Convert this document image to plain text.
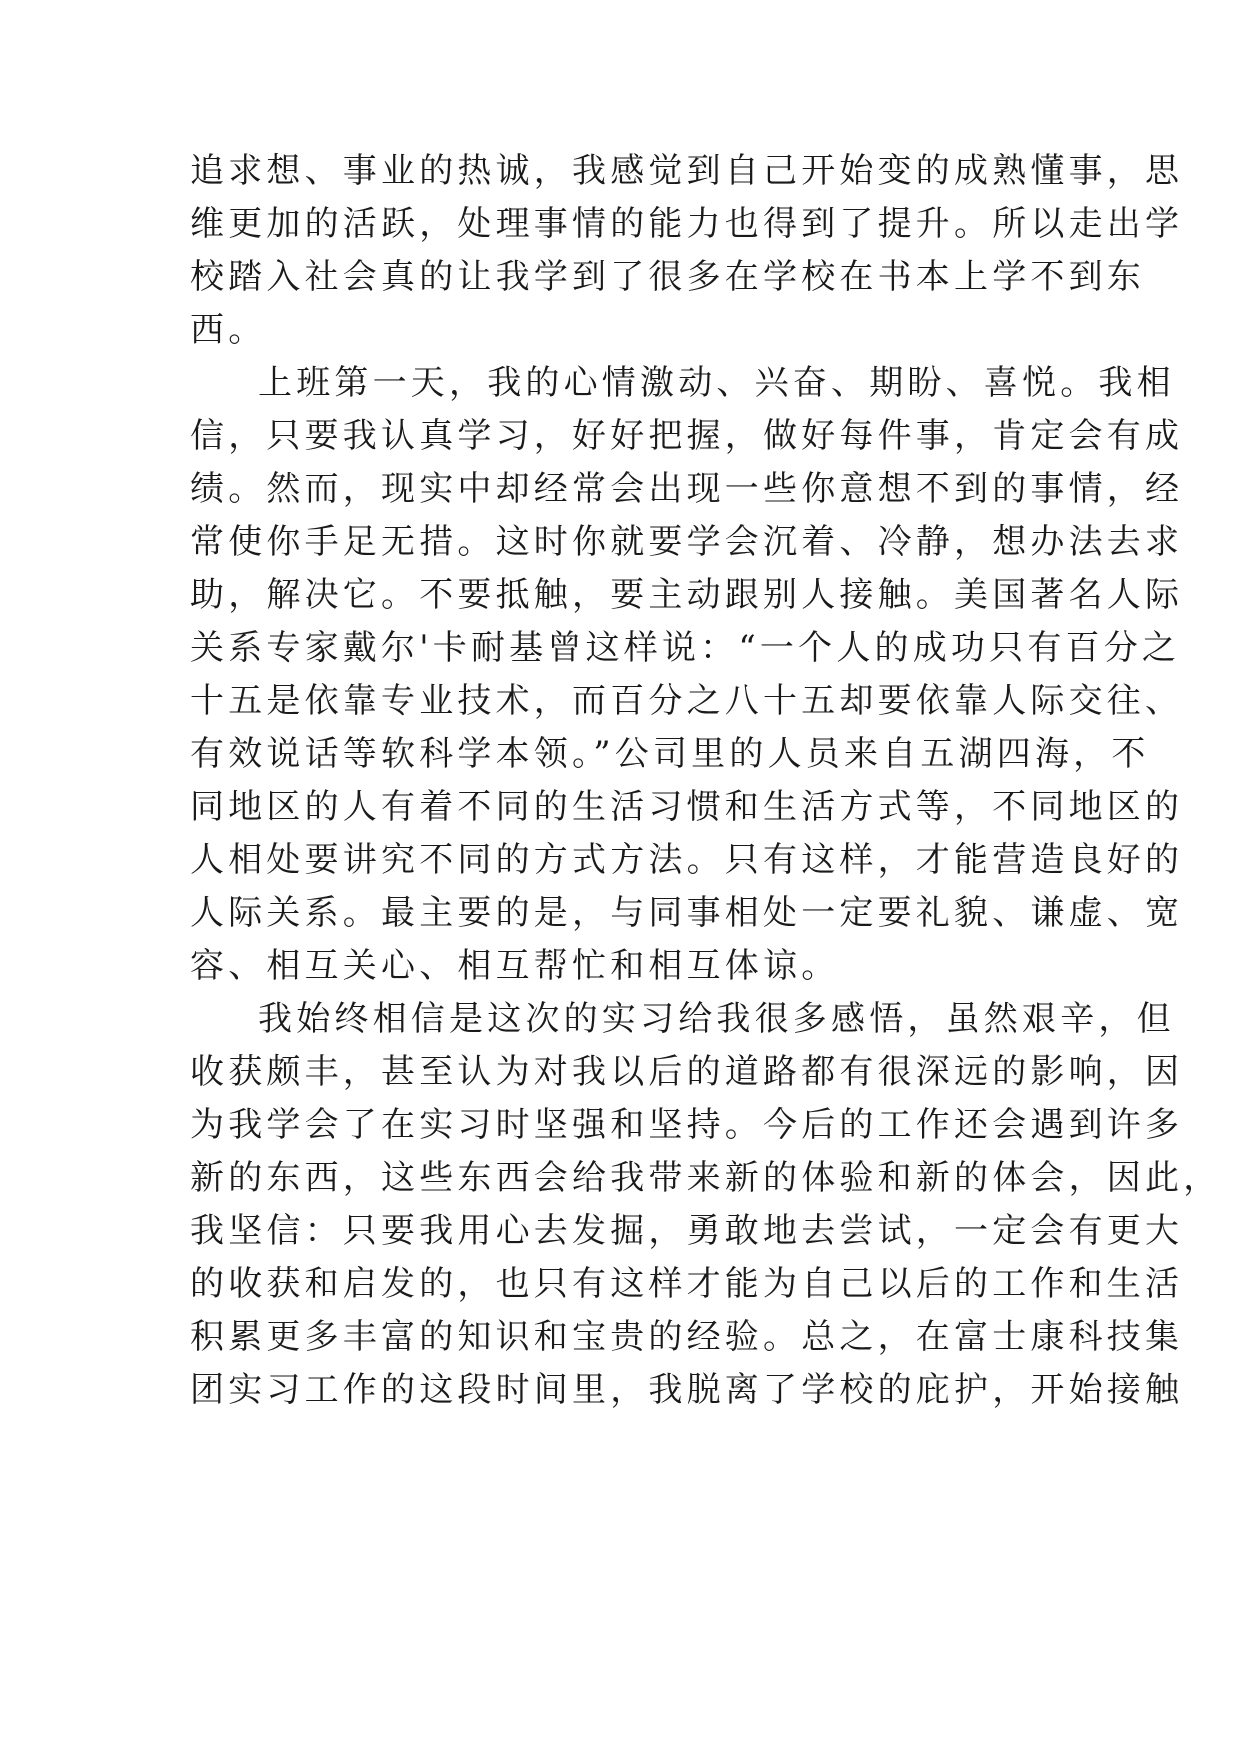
追求想、事业的热诚，我感觉到自己开始变的成熟懂事，思
维更加的活跃，处理事情的能力也得到了提升。所以走出学
校踏入社会真的让我学到了很多在学校在书本上学不到东
西。
上班第一天，我的心情激动、兴奋、期盼、喜悦。我相
信，只要我认真学习，好好把握，做好每件事，肯定会有成
绩。然而，现实中却经常会出现一些你意想不到的事情，经
常使你手足无措。这时你就要学会沉着、冷静，想办法去求
助，解决它。不要抵触，要主动跟别人接触。美国著名人际
关系专家戴尔'卡耐基曾这样说：“一个人的成功只有百分之
十五是依靠专业技术，而百分之八十五却要依靠人际交往、
有效说话等软科学本领。”公司里的人员来自五湖四海，不
同地区的人有着不同的生活习惯和生活方式等，不同地区的
人相处要讲究不同的方式方法。只有这样，才能营造良好的
人际关系。最主要的是，与同事相处一定要礼貌、谦虚、宽
容、相互关心、相互帮忙和相互体谅。
我始终相信是这次的实习给我很多感悟，虽然艰辛，但
收获颇丰，甚至认为对我以后的道路都有很深远的影响，因
为我学会了在实习时坚强和坚持。今后的工作还会遇到许多
新的东西，这些东西会给我带来新的体验和新的体会，因此，
我坚信：只要我用心去发掘，勇敢地去尝试，一定会有更大
的收获和启发的，也只有这样才能为自己以后的工作和生活
积累更多丰富的知识和宝贵的经验。总之，在富士康科技集
团实习工作的这段时间里，我脱离了学校的庇护，开始接触
